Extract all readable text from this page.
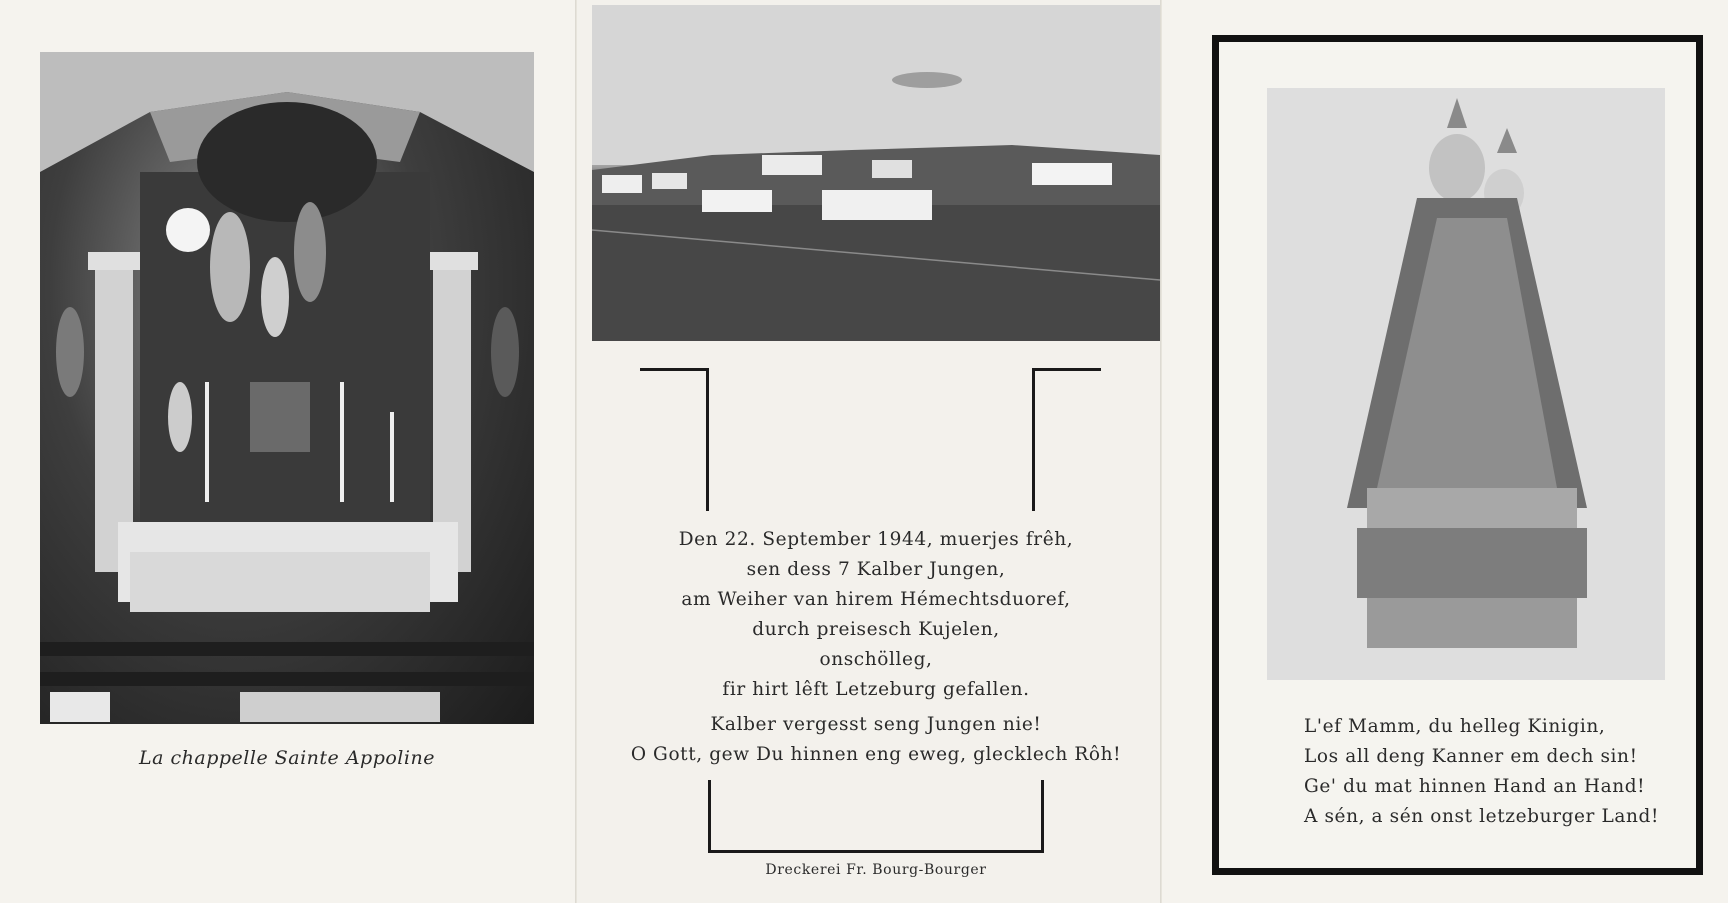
La chappelle Sainte Appoline
Den 22. September 1944, muerjes frêh,
sen dess 7 Kalber Jungen,
am Weiher van hirem Hémechtsduoref,
durch preisesch Kujelen,
onschölleg,
fir hirt lêft Letzeburg gefallen.
Kalber vergesst seng Jungen nie!
O Gott, gew Du hinnen eng eweg, glecklech Rôh!
Dreckerei Fr. Bourg-Bourger
L'ef Mamm, du helleg Kinigin,
Los all deng Kanner em dech sin!
Ge' du mat hinnen Hand an Hand!
A sén, a sén onst letzeburger Land!
